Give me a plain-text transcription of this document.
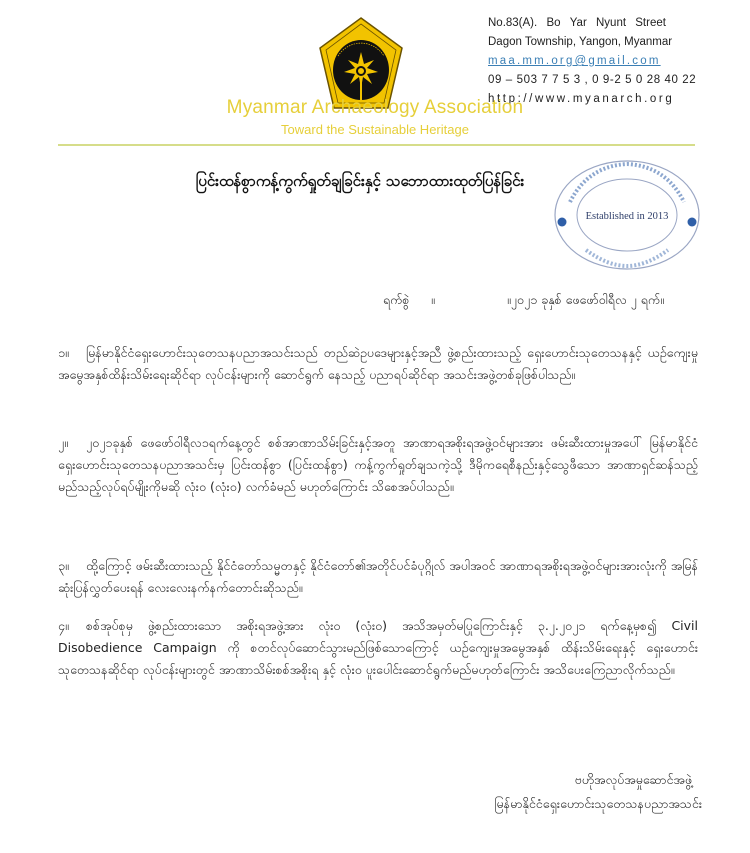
No.83(A). Bo Yar Nyunt Street
Dagon Township, Yangon, Myanmar
maa.mm.org@gmail.com
09 – 503 7 7 5 3 , 0 9-2 5 0 28 40 22
http://www.myanarch.org
Myanmar Archaeology Association
Toward the Sustainable Heritage
ပြင်းထန်စွာကန့်ကွက်ရှုတ်ချခြင်းနှင့် သဘောထားထုတ်ပြန်ခြင်း
Established in 2013
ရက်စွဲ	။	။၂၀၂၁ ခုနှစ် ဖေဖော်ဝါရီလ ၂ ရက်။
၁။ မြန်မာနိုင်ငံရှေးဟောင်းသုတေသနပညာအသင်းသည် တည်ဆဲဥပဒေများနှင့်အညီ ဖွဲ့စည်းထားသည့် ရှေးဟောင်းသုတေသနနှင့် ယဉ်ကျေးမှုအမွေအနှစ်ထိန်းသိမ်းရေးဆိုင်ရာ လုပ်ငန်းများကို ဆောင်ရွက် နေသည့် ပညာရပ်ဆိုင်ရာ အသင်းအဖွဲ့တစ်ခုဖြစ်ပါသည်။
၂။ ၂၀၂၁ခုနှစ် ဖေဖော်ဝါရီလ၁ရက်နေ့တွင် စစ်အာဏာသိမ်းခြင်းနှင့်အတူ အာဏာရအစိုးရအဖွဲ့ဝင်များအား ဖမ်းဆီးထားမှုအပေါ် မြန်မာနိုင်ငံရှေးဟောင်းသုတေသနပညာအသင်းမှ ပြင်းထန်စွာ (ပြင်းထန်စွာ) ကန့်ကွက်ရှုတ်ချသကဲ့သို့ ဒီမိုကရေစီနည်းနှင့်သွေဖီသော အာဏာရှင်ဆန်သည့် မည်သည့်လုပ်ရပ်မျိုးကိုမဆို လုံးဝ (လုံးဝ) လက်ခံမည် မဟုတ်ကြောင်း သိစေအပ်ပါသည်။
၃။ ထို့ကြောင့် ဖမ်းဆီးထားသည့် နိုင်ငံတော်သမ္မတနှင့် နိုင်ငံတော်၏အတိုင်ပင်ခံပုဂ္ဂိုလ် အပါအဝင် အာဏာရအစိုးရအဖွဲ့ဝင်များအားလုံးကို အမြန်ဆုံးပြန်လွှတ်ပေးရန် လေးလေးနက်နက်တောင်းဆိုသည်။
၄။ စစ်အုပ်စုမှ ဖွဲ့စည်းထားသော အစိုးရအဖွဲ့အား လုံးဝ (လုံးဝ) အသိအမှတ်မပြုကြောင်းနှင့် ၃.၂.၂၀၂၁ ရက်နေ့မှစ၍ Civil Disobedience Campaign ကို စတင်လုပ်ဆောင်သွားမည်ဖြစ်သောကြောင့် ယဉ်ကျေးမှုအမွေအနှစ် ထိန်းသိမ်းရေးနှင့် ရှေးဟောင်း သုတေသနဆိုင်ရာ လုပ်ငန်းများတွင် အာဏာသိမ်းစစ်အစိုးရ နှင့် လုံးဝ ပူးပေါင်းဆောင်ရွက်မည်မဟုတ်ကြောင်း အသိပေးကြေညာလိုက်သည်။
ဗဟိုအလုပ်အမှုဆောင်အဖွဲ့
မြန်မာနိုင်ငံရှေးဟောင်းသုတေသနပညာအသင်း
